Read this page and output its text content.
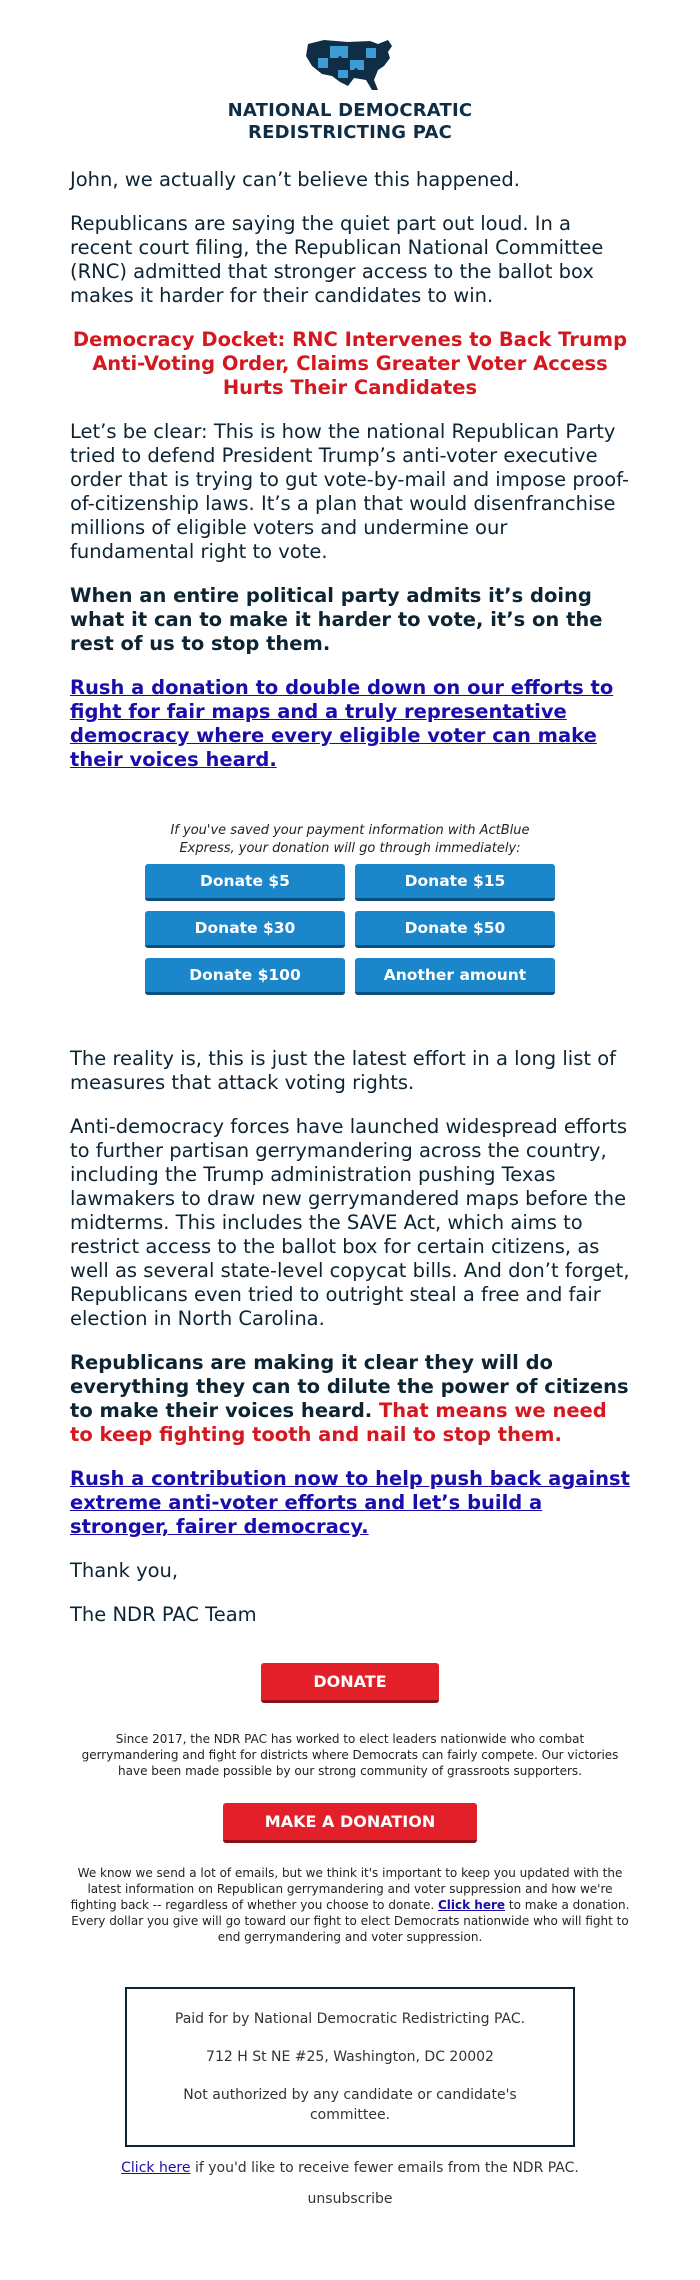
NATIONAL DEMOCRATIC
REDISTRICTING PAC

John, we actually can’t believe this happened.

Republicans are saying the quiet part out loud. In a recent court filing, the Republican National Committee (RNC) admitted that stronger access to the ballot box makes it harder for their candidates to win.

Democracy Docket: RNC Intervenes to Back Trump Anti-Voting Order, Claims Greater Voter Access Hurts Their Candidates

Let’s be clear: This is how the national Republican Party tried to defend President Trump’s anti-voter executive order that is trying to gut vote-by-mail and impose proof-of-citizenship laws. It’s a plan that would disenfranchise millions of eligible voters and undermine our fundamental right to vote.

When an entire political party admits it’s doing what it can to make it harder to vote, it’s on the rest of us to stop them.

Rush a donation to double down on our efforts to fight for fair maps and a truly representative democracy where every eligible voter can make their voices heard.

If you've saved your payment information with ActBlue Express, your donation will go through immediately:
Donate $5	Donate $15
Donate $30	Donate $50
Donate $100	Another amount

The reality is, this is just the latest effort in a long list of measures that attack voting rights.

Anti-democracy forces have launched widespread efforts to further partisan gerrymandering across the country, including the Trump administration pushing Texas lawmakers to draw new gerrymandered maps before the midterms. This includes the SAVE Act, which aims to restrict access to the ballot box for certain citizens, as well as several state-level copycat bills. And don’t forget, Republicans even tried to outright steal a free and fair election in North Carolina.

Republicans are making it clear they will do everything they can to dilute the power of citizens to make their voices heard. That means we need to keep fighting tooth and nail to stop them.

Rush a contribution now to help push back against extreme anti-voter efforts and let’s build a stronger, fairer democracy.

Thank you,

The NDR PAC Team

DONATE
Since 2017, the NDR PAC has worked to elect leaders nationwide who combat gerrymandering and fight for districts where Democrats can fairly compete. Our victories have been made possible by our strong community of grassroots supporters.
MAKE A DONATION
We know we send a lot of emails, but we think it's important to keep you updated with the latest information on Republican gerrymandering and voter suppression and how we're fighting back -- regardless of whether you choose to donate. Click here to make a donation. Every dollar you give will go toward our fight to elect Democrats nationwide who will fight to end gerrymandering and voter suppression.

Paid for by National Democratic Redistricting PAC.

712 H St NE #25, Washington, DC 20002

Not authorized by any candidate or candidate's committee.

Click here if you'd like to receive fewer emails from the NDR PAC.
unsubscribe
